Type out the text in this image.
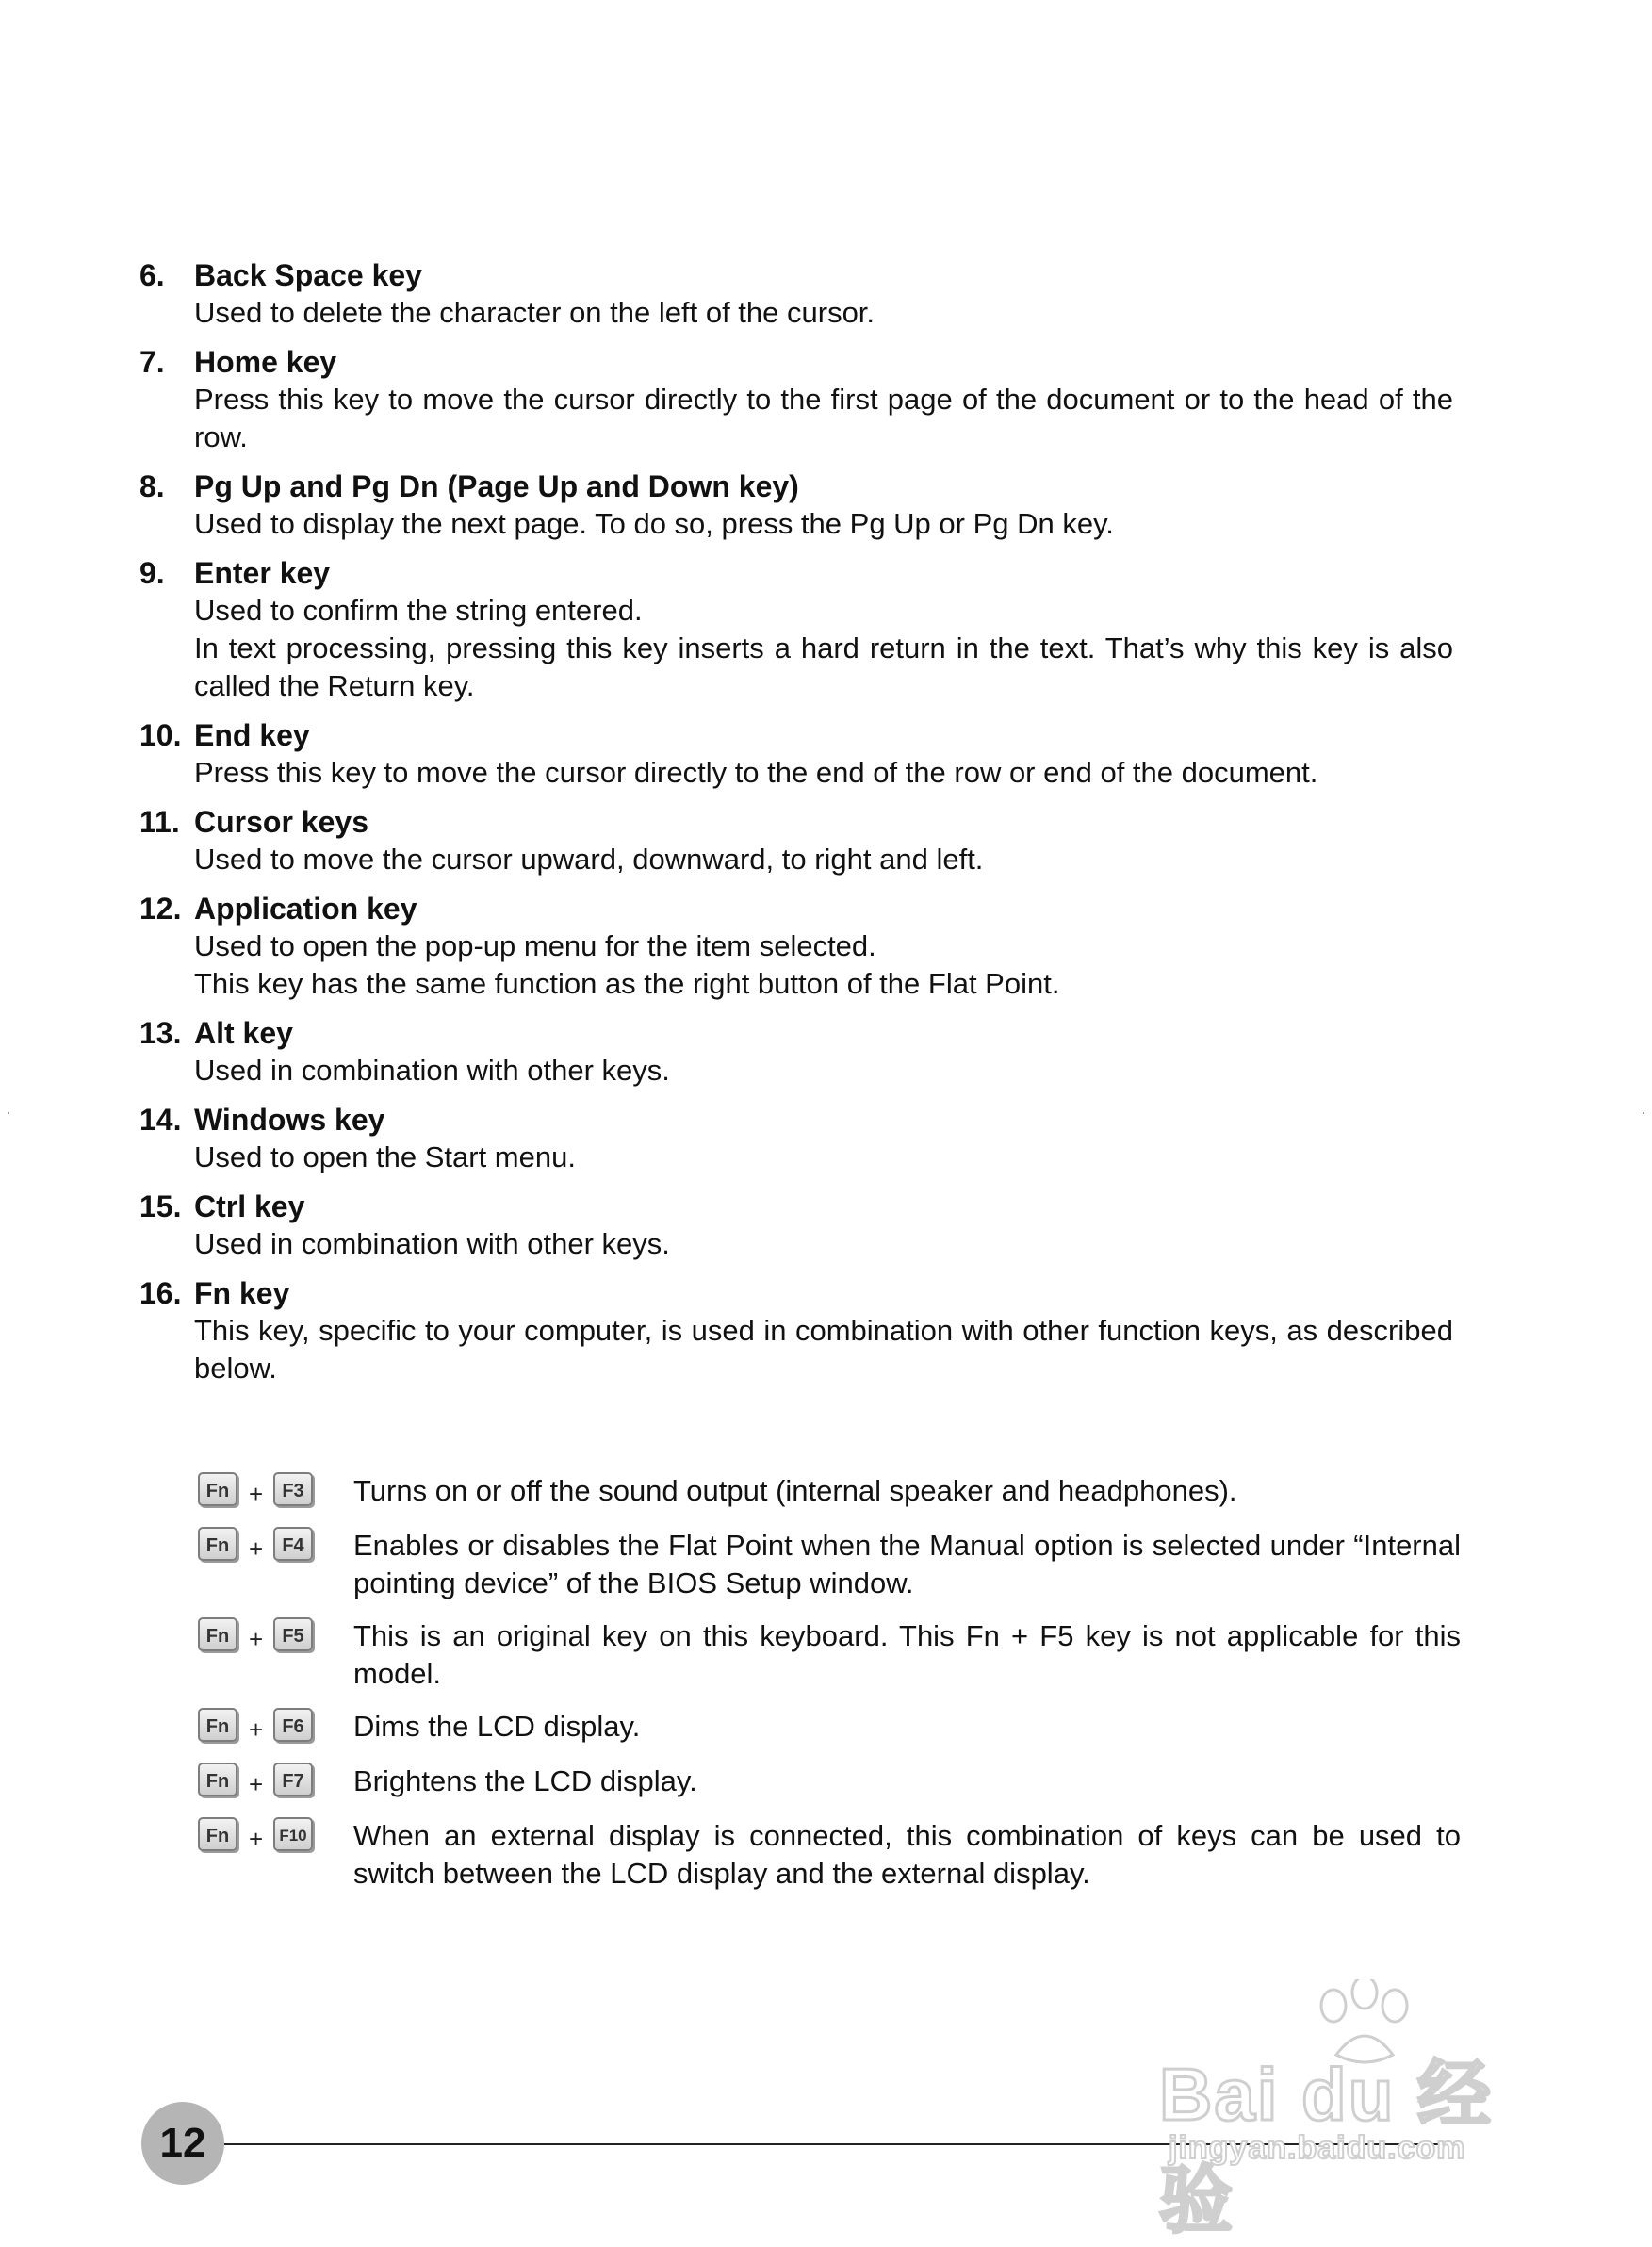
6. Back Space key

Used to delete the character on the left of the cursor.

7. Home key

Press this key to move the cursor directly to the first page of the document or to the head of the row.

8. Pg Up and Pg Dn (Page Up and Down key)

Used to display the next page. To do so, press the Pg Up or Pg Dn key.

9. Enter key

Used to confirm the string entered.

In text processing, pressing this key inserts a hard return in the text. That’s why this key is also called the Return key.

10. End key

Press this key to move the cursor directly to the end of the row or end of the document.

11. Cursor keys

Used to move the cursor upward, downward, to right and left.

12. Application key

Used to open the pop-up menu for the item selected.

This key has the same function as the right button of the Flat Point.

13. Alt key

Used in combination with other keys.

14. Windows key

Used to open the Start menu.

15. Ctrl key

Used in combination with other keys.

16. Fn key

This key, specific to your computer, is used in combination with other function keys, as described below.

Fn +	F3	Turns on or off the sound output (internal speaker and headphones).
Fn +	F4	Enables or disables the Flat Point when the Manual option is selected under “Internal pointing device” of the BIOS Setup window.
Fn +	F5	This is an original key on this keyboard. This Fn + F5 key is not applicable for this model.
Fn +	F6	Dims the LCD display.
Fn +	F7	Brightens the LCD display.
Fn +	F10 When an external display is connected, this combination of keys can be used to switch between the LCD display and the external display.
12
Bai du 经验
jingyan.baidu.com
